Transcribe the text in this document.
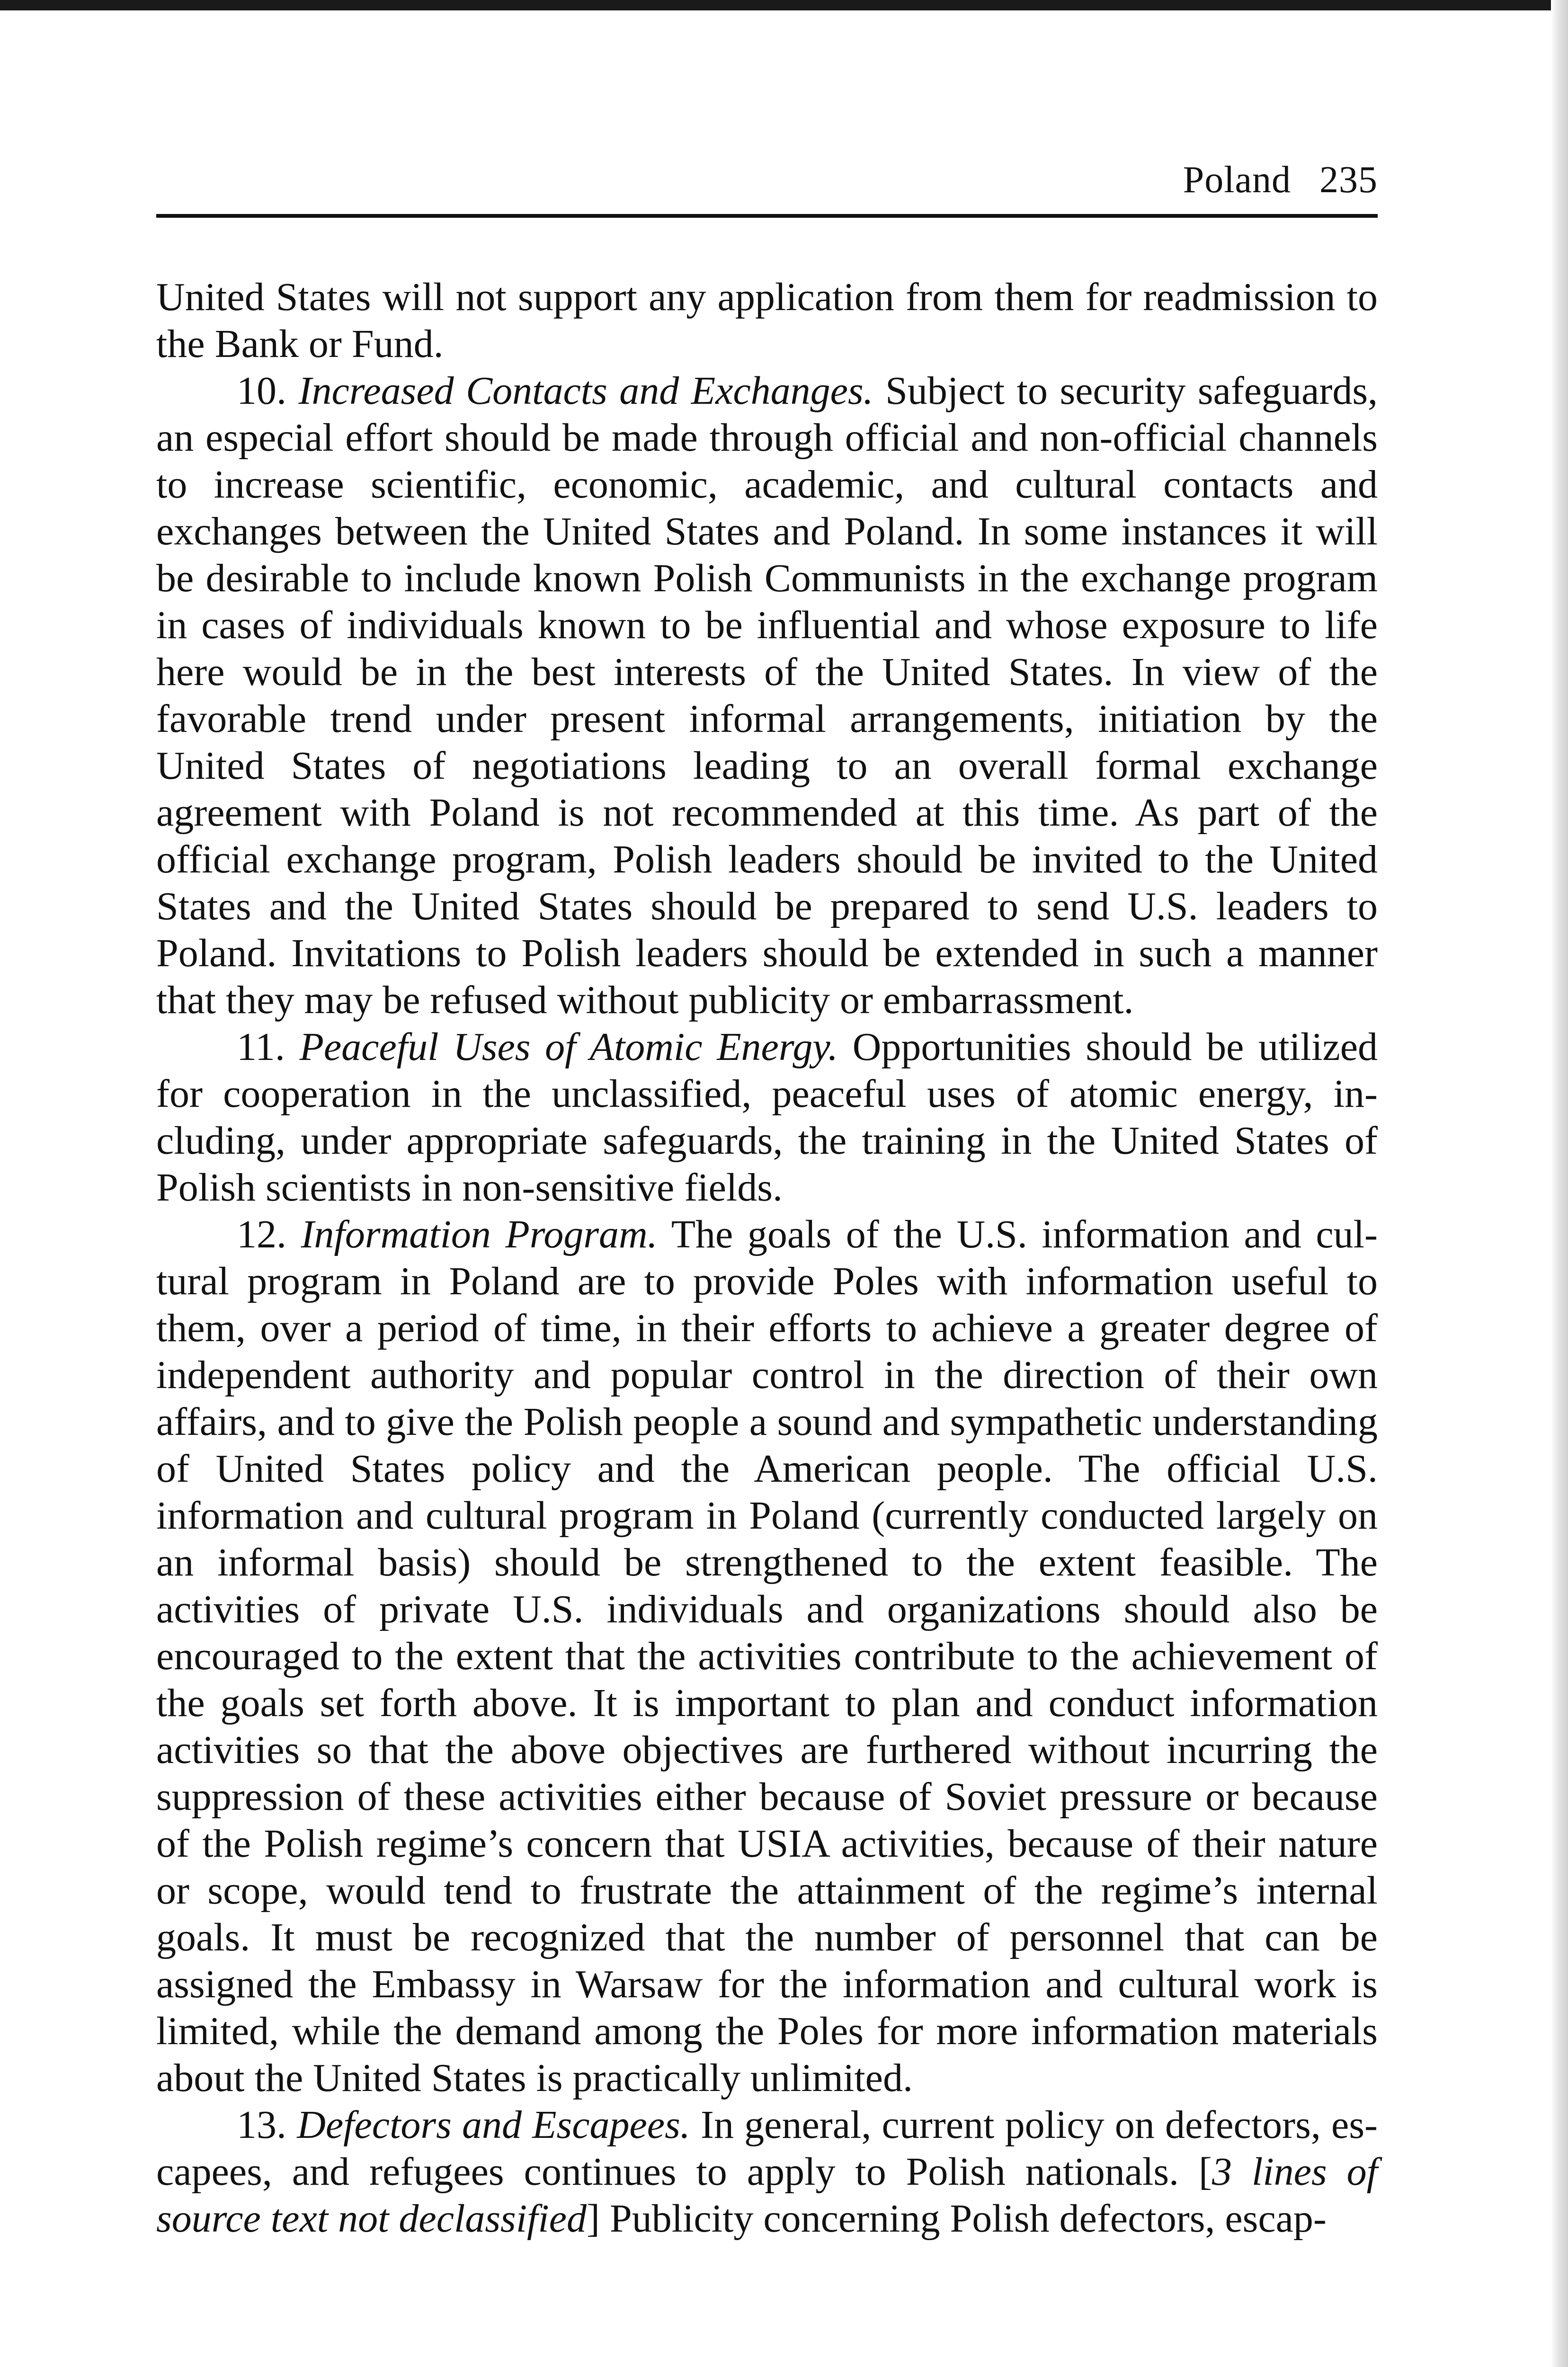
Poland 235

United States will not support any application from them for readmission to the Bank or Fund.

10. Increased Contacts and Exchanges. Subject to security safeguards, an especial effort should be made through official and non-official channels to increase scientific, economic, academic, and cultural contacts and exchanges between the United States and Poland. In some instances it will be desirable to include known Polish Communists in the exchange program in cases of individuals known to be influential and whose exposure to life here would be in the best interests of the United States. In view of the favorable trend under present informal arrangements, initiation by the United States of negotiations leading to an overall formal exchange agreement with Poland is not recommended at this time. As part of the official exchange program, Polish leaders should be invited to the United States and the United States should be prepared to send U.S. leaders to Poland. Invitations to Polish leaders should be extended in such a manner that they may be refused without publicity or embarrassment.

11. Peaceful Uses of Atomic Energy. Opportunities should be utilized for cooperation in the unclassified, peaceful uses of atomic energy, including, under appropriate safeguards, the training in the United States of Polish scientists in non-sensitive fields.

12. Information Program. The goals of the U.S. information and cultural program in Poland are to provide Poles with information useful to them, over a period of time, in their efforts to achieve a greater degree of independent authority and popular control in the direction of their own affairs, and to give the Polish people a sound and sympathetic understanding of United States policy and the American people. The official U.S. information and cultural program in Poland (currently conducted largely on an informal basis) should be strengthened to the extent feasible. The activities of private U.S. individuals and organizations should also be encouraged to the extent that the activities contribute to the achievement of the goals set forth above. It is important to plan and conduct information activities so that the above objectives are furthered without incurring the suppression of these activities either because of Soviet pressure or because of the Polish regime’s concern that USIA activities, because of their nature or scope, would tend to frustrate the attainment of the regime’s internal goals. It must be recognized that the number of personnel that can be assigned the Embassy in Warsaw for the information and cultural work is limited, while the demand among the Poles for more information materials about the United States is practically unlimited.

13. Defectors and Escapees. In general, current policy on defectors, escapees, and refugees continues to apply to Polish nationals. [3 lines of source text not declassified] Publicity concerning Polish defectors, escap-
